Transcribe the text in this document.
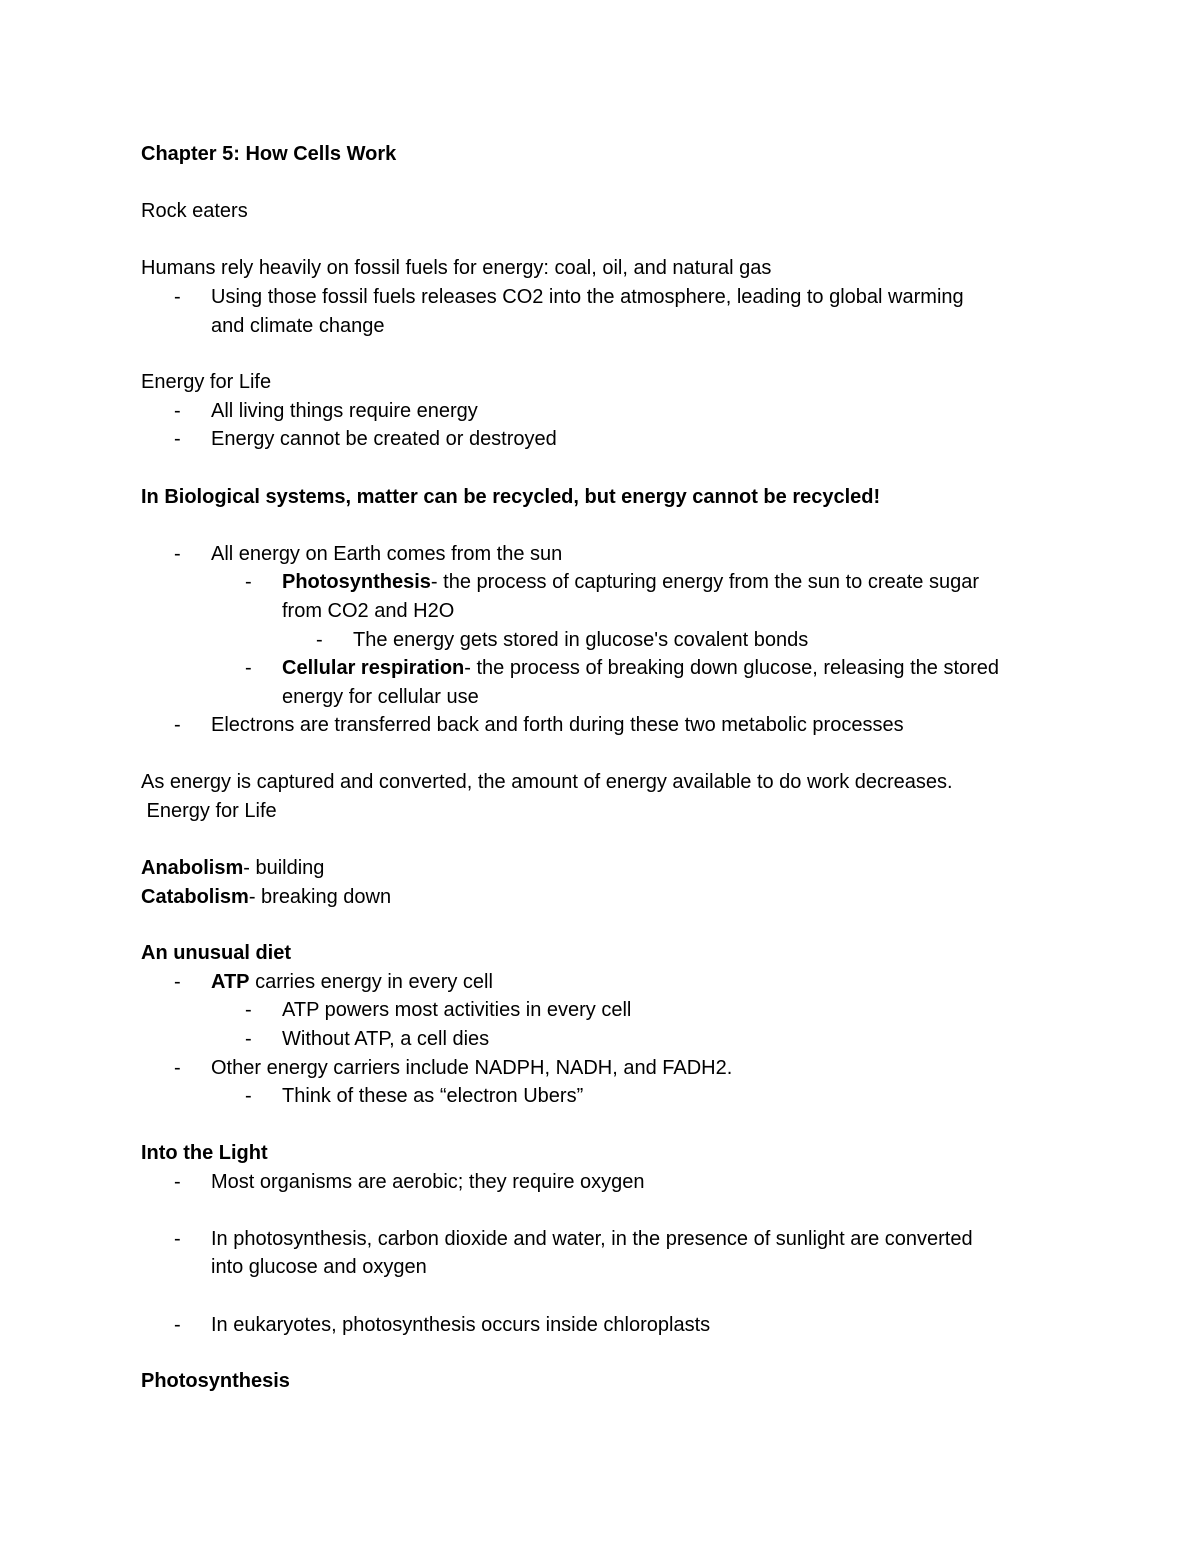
Chapter 5: How Cells Work
Rock eaters
Humans rely heavily on fossil fuels for energy: coal, oil, and natural gas
- Using those fossil fuels releases CO2 into the atmosphere, leading to global warming
and climate change
Energy for Life
- All living things require energy
- Energy cannot be created or destroyed
In Biological systems, matter can be recycled, but energy cannot be recycled!
- All energy on Earth comes from the sun
- Photosynthesis- the process of capturing energy from the sun to create sugar
from CO2 and H2O
- The energy gets stored in glucose's covalent bonds
- Cellular respiration- the process of breaking down glucose, releasing the stored
energy for cellular use
- Electrons are transferred back and forth during these two metabolic processes
As energy is captured and converted, the amount of energy available to do work decreases.
Energy for Life
Anabolism- building
Catabolism- breaking down
An unusual diet
- ATP carries energy in every cell
- ATP powers most activities in every cell
- Without ATP, a cell dies
- Other energy carriers include NADPH, NADH, and FADH2.
- Think of these as “electron Ubers”
Into the Light
- Most organisms are aerobic; they require oxygen
- In photosynthesis, carbon dioxide and water, in the presence of sunlight are converted
into glucose and oxygen
- In eukaryotes, photosynthesis occurs inside chloroplasts
Photosynthesis
